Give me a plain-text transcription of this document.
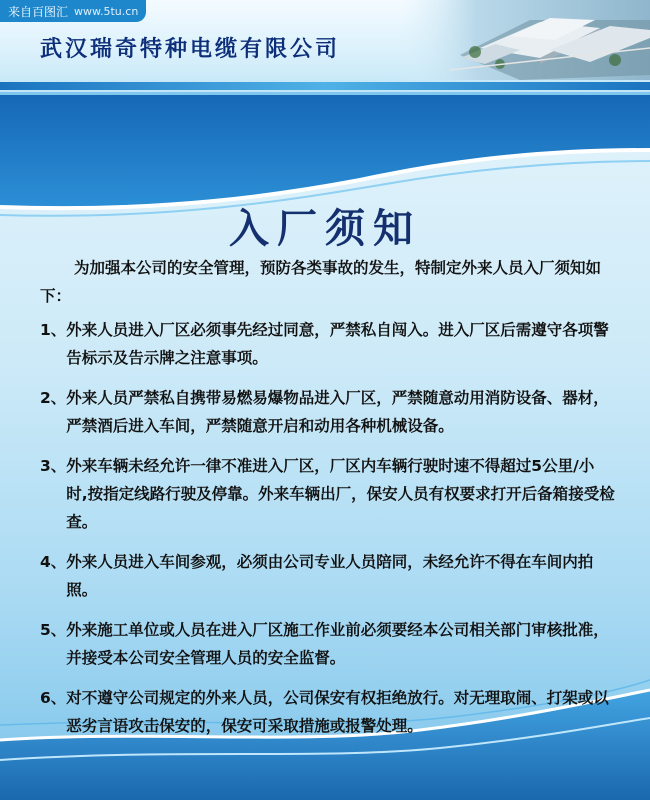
来自百图汇 www.5tu.cn
武汉瑞奇特种电缆有限公司
入厂须知

为加强本公司的安全管理，预防各类事故的发生，特制定外来人员入厂须知如下：

1、 外来人员进入厂区必须事先经过同意，严禁私自闯入。进入厂区后需遵守各项警告标示及告示牌之注意事项。
2、 外来人员严禁私自携带易燃易爆物品进入厂区，严禁随意动用消防设备、器材，严禁酒后进入车间，严禁随意开启和动用各种机械设备。
3、 外来车辆未经允许一律不准进入厂区，厂区内车辆行驶时速不得超过5公里/小时,按指定线路行驶及停靠。外来车辆出厂，保安人员有权要求打开后备箱接受检查。
4、 外来人员进入车间参观，必须由公司专业人员陪同，未经允许不得在车间内拍照。
5、 外来施工单位或人员在进入厂区施工作业前必须要经本公司相关部门审核批准，并接受本公司安全管理人员的安全监督。
6、 对不遵守公司规定的外来人员，公司保安有权拒绝放行。对无理取闹、打架或以恶劣言语攻击保安的，保安可采取措施或报警处理。
